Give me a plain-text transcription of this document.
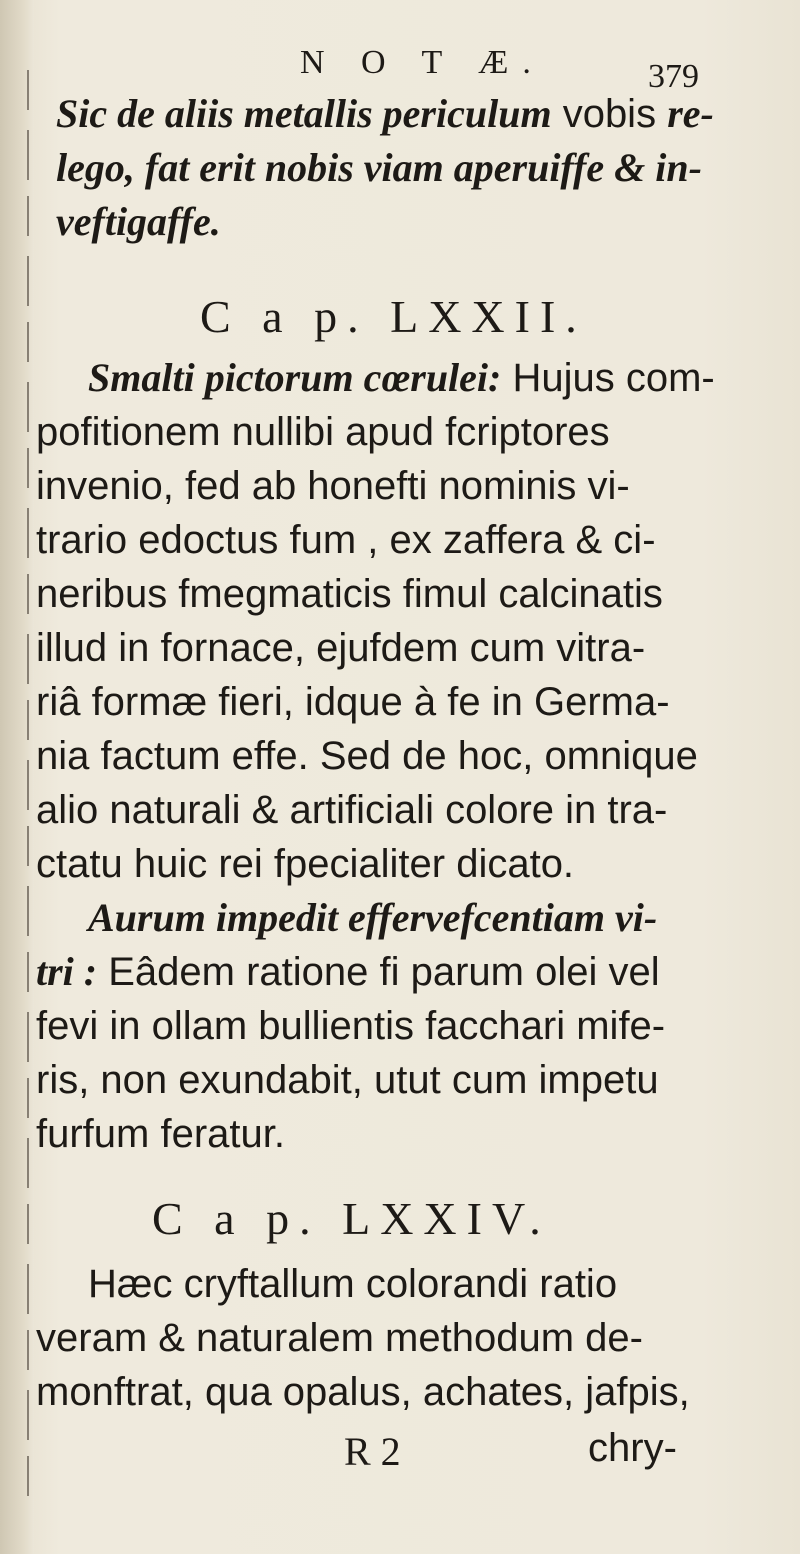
N O T Æ.	379
Sic de aliis metallis periculum vobis re-
lego, fat erit nobis viam aperuiffe & in-
veftigaffe.
C a p. LXXII.
Smalti pictorum cœrulei: Hujus com-
pofitionem nullibi apud fcriptores
invenio, fed ab honefti nominis vi-
trario edoctus fum , ex zaffera & ci-
neribus fmegmaticis fimul calcinatis
illud in fornace, ejufdem cum vitra-
riâ formæ fieri, idque à fe in Germa-
nia factum effe. Sed de hoc, omnique
alio naturali & artificiali colore in tra-
ctatu huic rei fpecialiter dicato.
Aurum impedit effervefcentiam vi-
tri : Eâdem ratione fi parum olei vel
fevi in ollam bullientis facchari mife-
ris, non exundabit, utut cum impetu
furfum feratur.
C a p. LXXIV.
Hæc cryftallum colorandi ratio
veram & naturalem methodum de-
monftrat, qua opalus, achates, jafpis,
R 2	chry-
